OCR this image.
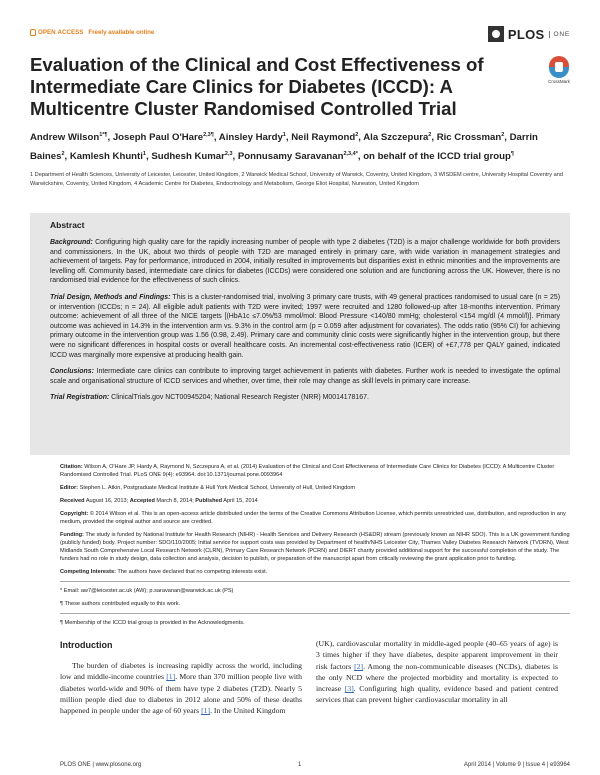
OPEN ACCESS Freely available online	PLOS	ONE
CrossMark
Evaluation of the Clinical and Cost Effectiveness of Intermediate Care Clinics for Diabetes (ICCD): A Multicentre Cluster Randomised Controlled Trial
Andrew Wilson$^{1*\P}$, Joseph Paul O'Hare$^{2,3\P}$, Ainsley Hardy$^1$, Neil Raymond$^2$, Ala Szczepura$^2$, Ric Crossman$^2$, Darrin Baines$^2$, Kamlesh Khunti$^1$, Sudhesh Kumar$^{2,3}$, Ponnusamy Saravanan$^{2,3,4*}$, on behalf of the ICCD trial group¶
1 Department of Health Sciences, University of Leicester, Leicester, United Kingdom, 2 Warwick Medical School, University of Warwick, Coventry, United Kingdom, 3 WISDEM centre, University Hospital Coventry and Warwickshire, Coventry, United Kingdom, 4 Academic Centre for Diabetes, Endocrinology and Metabolism, George Eliot Hospital, Nuneaton, United Kingdom
Abstract

Background: Configuring high quality care for the rapidly increasing number of people with type 2 diabetes (T2D) is a major challenge worldwide for both providers and commissioners. In the UK, about two thirds of people with T2D are managed entirely in primary care, with wide variation in management strategies and achievement of targets. Pay for performance, introduced in 2004, initially resulted in improvements but disparities exist in ethnic minorities and the improvements are levelling off. Community based, intermediate care clinics for diabetes (ICCDs) were considered one solution and are functioning across the UK. However, there is no randomised trial evidence for the effectiveness of such clinics.

Trial Design, Methods and Findings: This is a cluster-randomised trial, involving 3 primary care trusts, with 49 general practices randomised to usual care (n = 25) or intervention (ICCDs; n = 24). All eligible adult patients with T2D were invited; 1997 were recruited and 1280 followed-up after 18-months intervention. Primary outcome: achievement of all three of the NICE targets [(HbA1c ≤7.0%/53 mmol/mol: Blood Pressure <140/80 mmHg; cholesterol <154 mg/dl (4 mmol/l)]. Primary outcome was achieved in 14.3% in the intervention arm vs. 9.3% in the control arm (p = 0.059 after adjustment for covariates). The odds ratio (95% CI) for achieving primary outcome in the intervention group was 1.56 (0.98, 2.49). Primary care and community clinic costs were significantly higher in the intervention group, but there were no significant differences in hospital costs or overall healthcare costs. An incremental cost-effectiveness ratio (ICER) of +£7,778 per QALY gained, indicated ICCD was marginally more expensive at producing health gain.

Conclusions: Intermediate care clinics can contribute to improving target achievement in patients with diabetes. Further work is needed to investigate the optimal scale and organisational structure of ICCD services and whether, over time, their role may change as skill levels in primary care increase.

Trial Registration: ClinicalTrials.gov NCT00945204; National Research Register (NRR) M0014178167.

Citation: Wilson A, O'Hare JP, Hardy A, Raymond N, Szczepura A, et al. (2014) Evaluation of the Clinical and Cost Effectiveness of Intermediate Care Clinics for Diabetes (ICCD): A Multicentre Cluster Randomised Controlled Trial. PLoS ONE 9(4): e93964. doi:10.1371/journal.pone.0093964

Editor: Stephen L. Atkin, Postgraduate Medical Institute & Hull York Medical School, University of Hull, United Kingdom

Received August 16, 2013; Accepted March 8, 2014; Published April 15, 2014

Copyright: © 2014 Wilson et al. This is an open-access article distributed under the terms of the Creative Commons Attribution License, which permits unrestricted use, distribution, and reproduction in any medium, provided the original author and source are credited.

Funding: The study is funded by National Institute for Health Research (NIHR) - Health Services and Delivery Research (HS&DR) stream (previously known as NIHR SDO). This is a UK government funding (publicly funded) body. Project number: SDO/110/2005; Initial service for support costs was provided by Department of health/NHS Leicester City, Thames Valley Diabetes Research Network (TVDRN), West Midlands South Comprehensive Local Research Network (CLRN), Primary Care Research Network (PCRN) and DIERT charity provided additional support for the successful completion of the study. The funders had no role in study design, data collection and analysis, decision to publish, or preparation of the manuscript apart from critically reviewing the grant application prior to funding.

Competing Interests: The authors have declared that no competing interests exist.

* Email: aw7@leicester.ac.uk (AW); p.saravanan@warwick.ac.uk (PS)

¶ These authors contributed equally to this work.

¶ Membership of the ICCD trial group is provided in the Acknowledgments.

Introduction

The burden of diabetes is increasing rapidly across the world, including low and middle-income countries [1]. More than 370 million people live with diabetes world-wide and 90% of them have type 2 diabetes (T2D). Nearly 5 million people died due to diabetes in 2012 alone and 50% of these deaths happened in people under the age of 60 years [1]. In the United Kingdom

(UK), cardiovascular mortality in middle-aged people (40–65 years of age) is 3 times higher if they have diabetes, despite apparent improvement in their risk factors [2]. Among the non-communicable diseases (NCDs), diabetes is the only NCD where the projected morbidity and mortality is expected to increase [3]. Configuring high quality, evidence based and patient centred services that can prevent higher cardiovascular mortality in all

PLOS ONE | www.plosone.org	1	April 2014 | Volume 9 | Issue 4 | e93964
